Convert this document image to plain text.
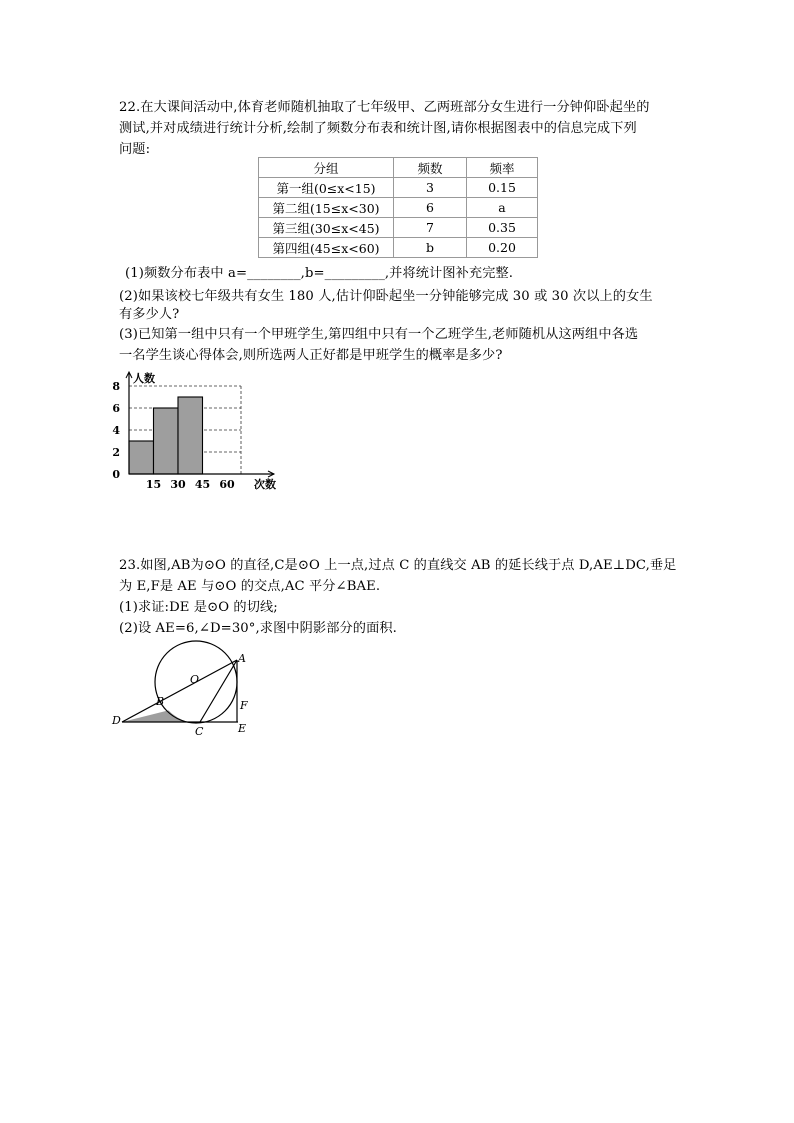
22.在大课间活动中,体育老师随机抽取了七年级甲、乙两班部分女生进行一分钟仰卧起坐的
测试,并对成绩进行统计分析,绘制了频数分布表和统计图,请你根据图表中的信息完成下列
问题:
分组	频数	频率
第一组(0≤x<15)	3	0.15
第二组(15≤x<30)	6	a
第三组(30≤x<45)	7	0.35
第四组(45≤x<60)	b	0.20
(1)频数分布表中 a=________,b=_________,并将统计图补充完整.
(2)如果该校七年级共有女生 180 人,估计仰卧起坐一分钟能够完成 30 或 30 次以上的女生
有多少人?
(3)已知第一组中只有一个甲班学生,第四组中只有一个乙班学生,老师随机从这两组中各选
一名学生谈心得体会,则所选两人正好都是甲班学生的概率是多少?
0
2
4
6
8
15 30 45 60
人数
次数
23.如图,AB为⊙O 的直径,C是⊙O 上一点,过点 C 的直线交 AB 的延长线于点 D,AE⊥DC,垂足
为 E,F是 AE 与⊙O 的交点,AC 平分∠BAE.
(1)求证:DE 是⊙O 的切线;
(2)设 AE=6,∠D=30°,求图中阴影部分的面积.
A
O
B
D
C	E
F
